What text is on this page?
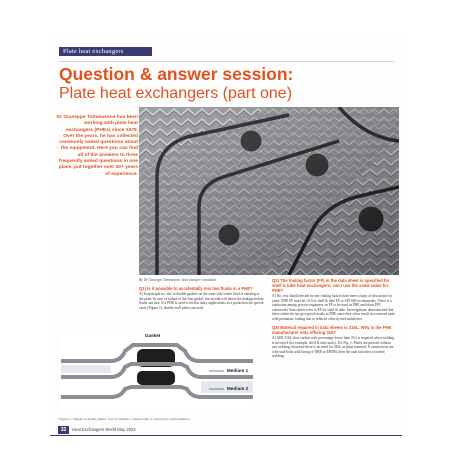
Plate heat exchangers
Question & answer session:
Plate heat exchangers (part one)
Dr Giuseppe Tommasone has been working with plate heat exchangers (PHEs) since 1979. Over the years, he has collected commonly asked questions about the equipment. Here you can find all of the answers to three frequently asked questions in one place, put together over 40+ years of experience.
By Dr Giuseppe Tommasone, heat transfer consultant
Q1) Is it possible to accidentally mix two fluids in a PHE?
A) In principle no, due to double gaskets on the outer side where fluid is entering to the plate. In case of failure of the first gasket, the second will detect the leakage before fluids can mix. If a PHE is used to feed in dairy applications as a protection for special cases (Figure 1), double-wall plates are used.
Q2) The fouling factor (FF) in the data sheet is specified for shell & tube heat exchangers; can I use the same value for PHE?
A) No, you should decide by any fouling factors have been a topic of discussion for years. PHE FF must be 1/10 of shell & tube FF or API 660 recommends. There is a confusion among process engineers on FF to be used in PHE and often EPC contractors' data sheets refer to FF for shell & tube. Investigations demonstrated that these values do not give good results in PHE since they often result in oversized units with premature fouling due to reduced velocity and turbulence.
Q3) Material required in data sheets is 316L. Why is the PHE manufacturer only offering 316?
A) AISI 316L (low carbon with percentage lower than 3%) is required when welding is involved (for example, shell & tube units). For Fig. 1, Plates are pressed without any welding, therefore there is no need for 316L as plate material. If connections are with stud bolts with lining or NBR or EPDM, then the total unit does not need welding.
Gasket
Medium 1
Medium 2
Figure 1. Thanks to double plates, even if medium 1 should leak, it cannot mix with medium 2
32	Heat Exchangers World May 2022
